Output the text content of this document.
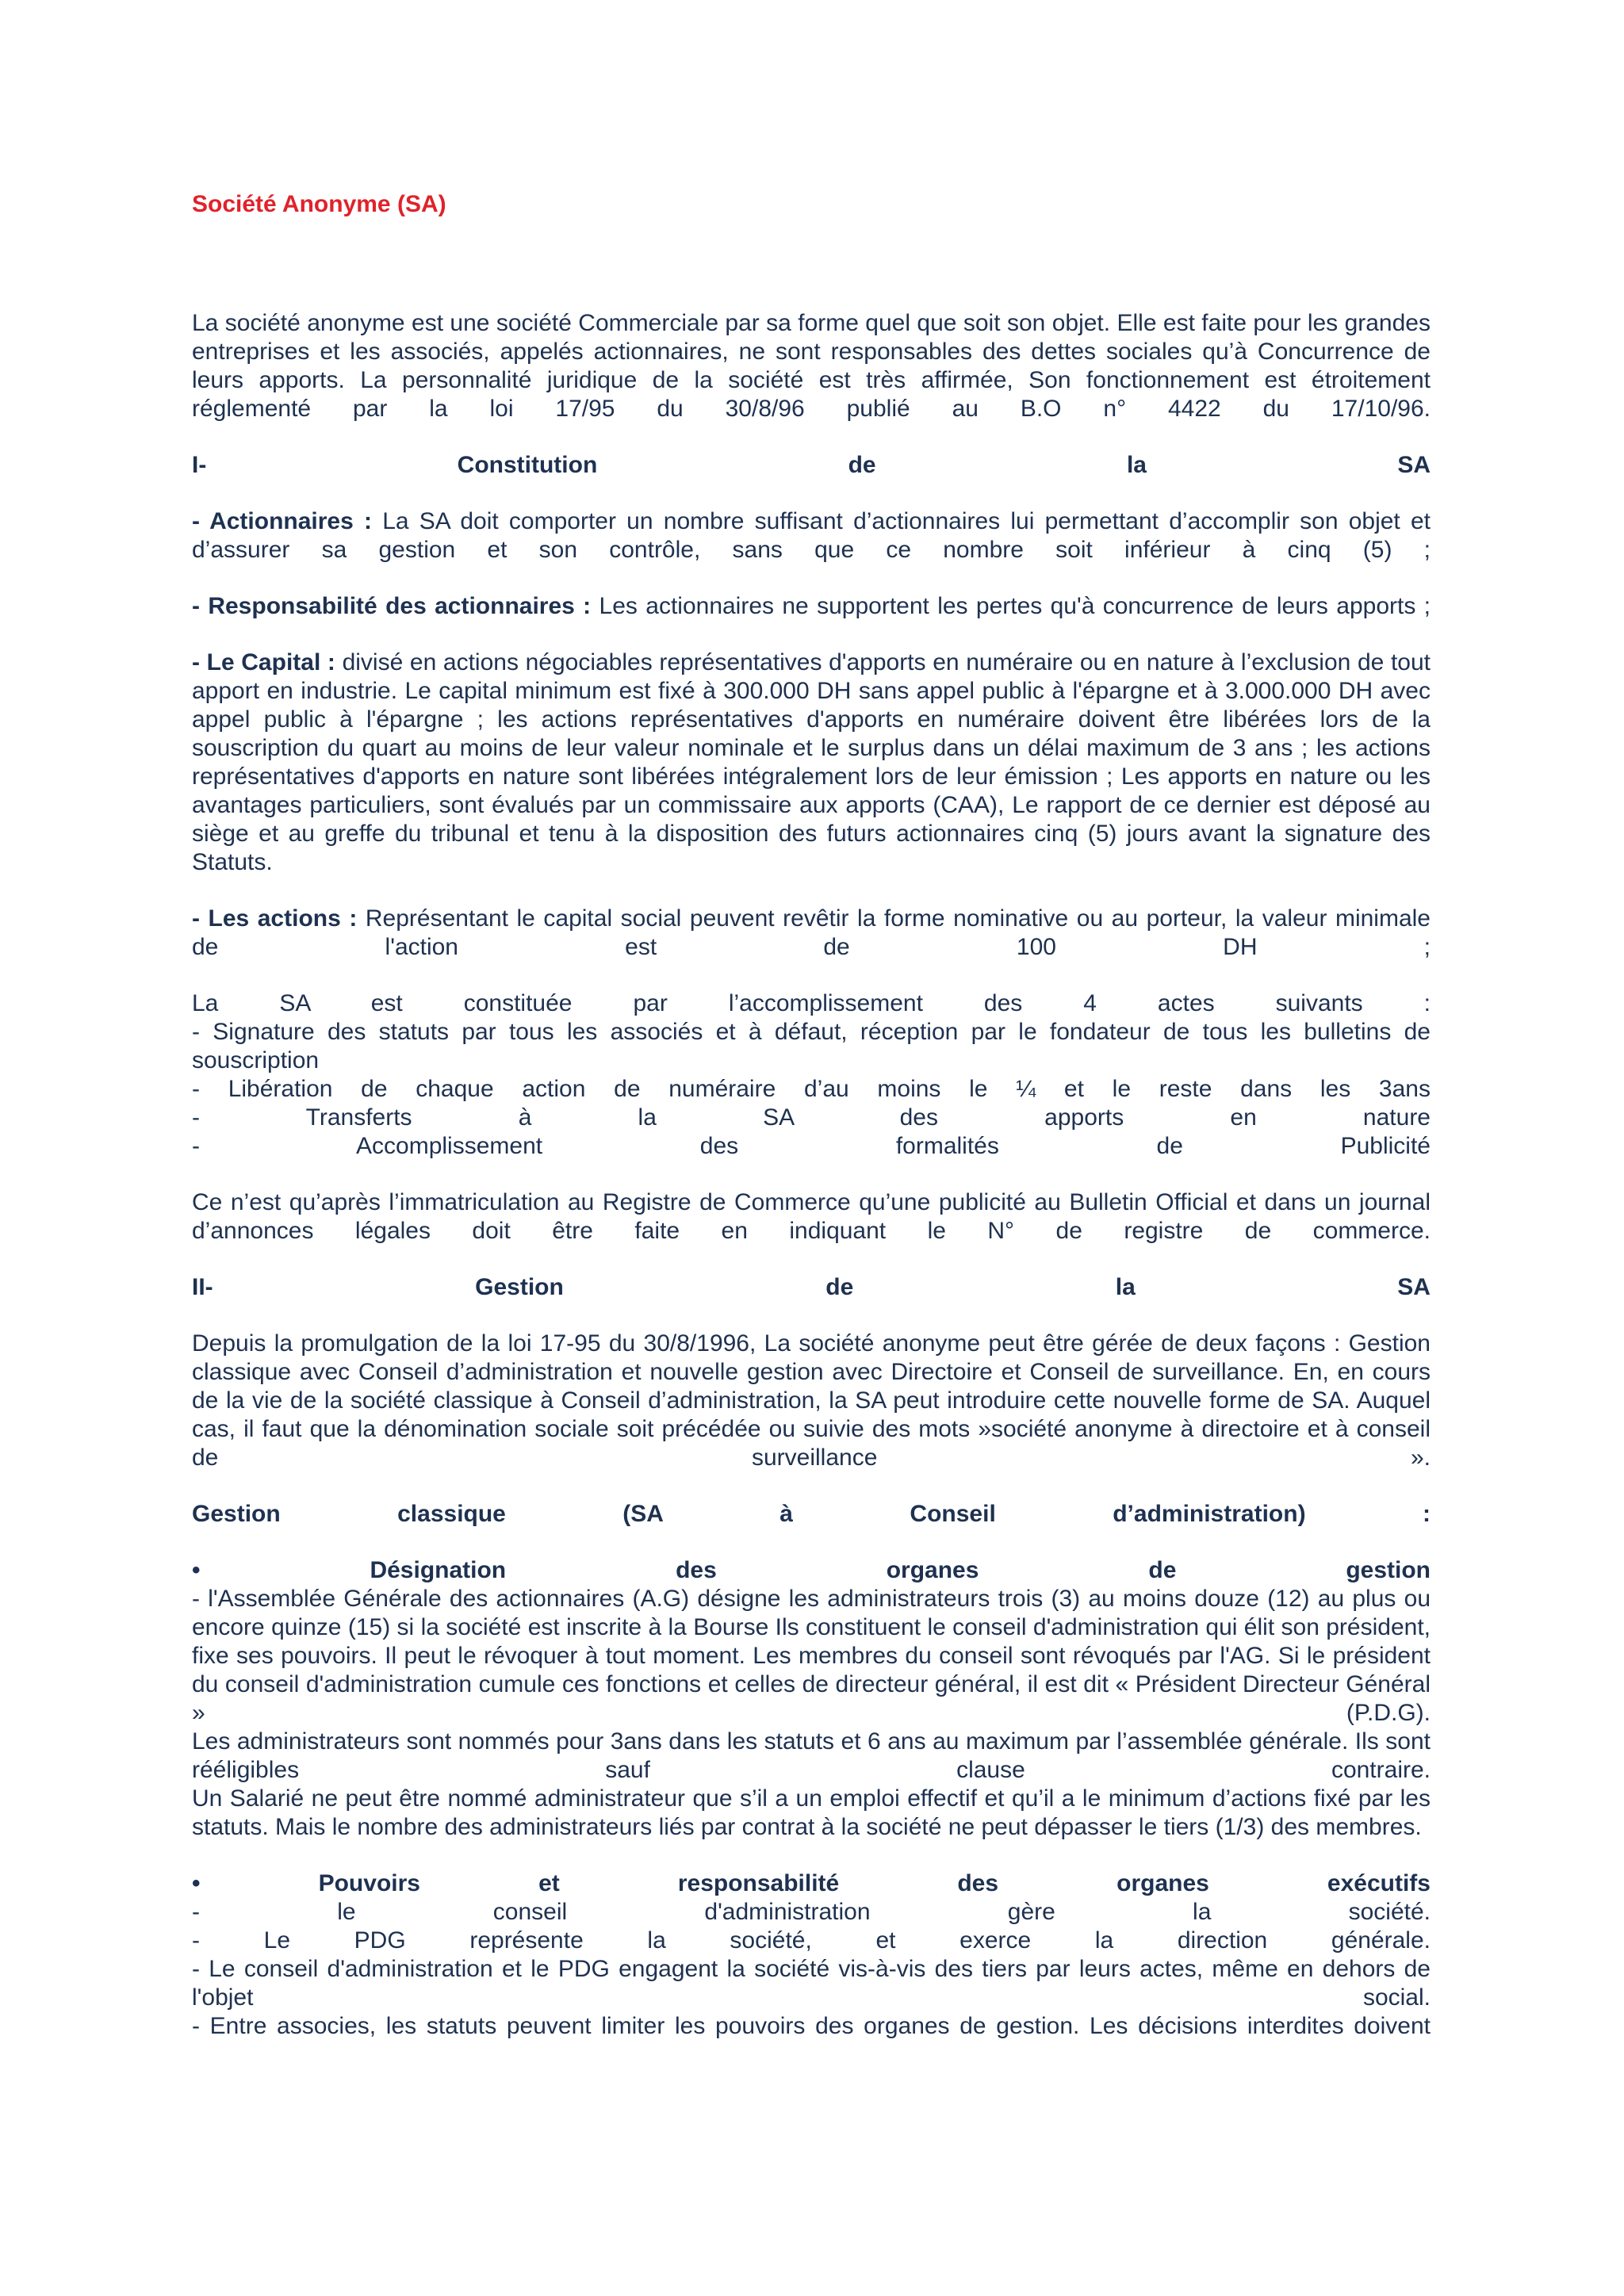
Société Anonyme (SA)

La société anonyme est une société Commerciale par sa forme quel que soit son objet. Elle est faite pour les grandes entreprises et les associés, appelés actionnaires, ne sont responsables des dettes sociales qu’à Concurrence de leurs apports. La personnalité juridique de la société est très affirmée, Son fonctionnement est étroitement réglementé par la loi 17/95 du 30/8/96 publié au B.O n° 4422 du 17/10/96.

I-	Constitution	de	la	SA

- Actionnaires : La SA doit comporter un nombre suffisant d’actionnaires lui permettant d’accomplir son objet et d’assurer sa gestion et son contrôle, sans que ce nombre soit inférieur à cinq (5) ;

- Responsabilité des actionnaires : Les actionnaires ne supportent les pertes qu'à concurrence de leurs apports ;

- Le Capital : divisé en actions négociables représentatives d'apports en numéraire ou en nature à l’exclusion de tout apport en industrie. Le capital minimum est fixé à 300.000 DH sans appel public à l'épargne et à 3.000.000 DH avec appel public à l'épargne ; les actions représentatives d'apports en numéraire doivent être libérées lors de la souscription du quart au moins de leur valeur nominale et le surplus dans un délai maximum de 3 ans ; les actions représentatives d'apports en nature sont libérées intégralement lors de leur émission ; Les apports en nature ou les avantages particuliers, sont évalués par un commissaire aux apports (CAA), Le rapport de ce dernier est déposé au siège et au greffe du tribunal et tenu à la disposition des futurs actionnaires cinq (5) jours avant la signature des Statuts.

- Les actions : Représentant le capital social peuvent revêtir la forme nominative ou au porteur, la valeur minimale de l'action est de 100 DH ;

La SA est constituée par l’accomplissement des 4 actes suivants :
- Signature des statuts par tous les associés et à défaut, réception par le fondateur de tous les bulletins de souscription
- Libération de chaque action de numéraire d’au moins le ¼ et le reste dans les 3ans
- Transferts à la SA des apports en nature
- Accomplissement des formalités de Publicité

Ce n’est qu’après l’immatriculation au Registre de Commerce qu’une publicité au Bulletin Official et dans un journal d’annonces légales doit être faite en indiquant le N° de registre de commerce.

II-	Gestion	de	la	SA

Depuis la promulgation de la loi 17-95 du 30/8/1996, La société anonyme peut être gérée de deux façons : Gestion classique avec Conseil d’administration et nouvelle gestion avec Directoire et Conseil de surveillance. En, en cours de la vie de la société classique à Conseil d’administration, la SA peut introduire cette nouvelle forme de SA. Auquel cas, il faut que la dénomination sociale soit précédée ou suivie des mots »société anonyme à directoire et à conseil de surveillance ».

Gestion classique (SA à Conseil d’administration) :

• Désignation des organes de gestion
- l'Assemblée Générale des actionnaires (A.G) désigne les administrateurs trois (3) au moins douze (12) au plus ou encore quinze (15) si la société est inscrite à la Bourse Ils constituent le conseil d'administration qui élit son président, fixe ses pouvoirs. Il peut le révoquer à tout moment. Les membres du conseil sont révoqués par l'AG. Si le président du conseil d'administration cumule ces fonctions et celles de directeur général, il est dit « Président Directeur Général » (P.D.G).
Les administrateurs sont nommés pour 3ans dans les statuts et 6 ans au maximum par l’assemblée générale. Ils sont rééligibles sauf clause contraire.
Un Salarié ne peut être nommé administrateur que s’il a un emploi effectif et qu’il a le minimum d’actions fixé par les statuts. Mais le nombre des administrateurs liés par contrat à la société ne peut dépasser le tiers (1/3) des membres.

• Pouvoirs et responsabilité des organes exécutifs
- le conseil d'administration gère la société.
- Le PDG représente la société, et exerce la direction générale.
- Le conseil d'administration et le PDG engagent la société vis-à-vis des tiers par leurs actes, même en dehors de l'objet social.
- Entre associes, les statuts peuvent limiter les pouvoirs des organes de gestion. Les décisions interdites doivent
